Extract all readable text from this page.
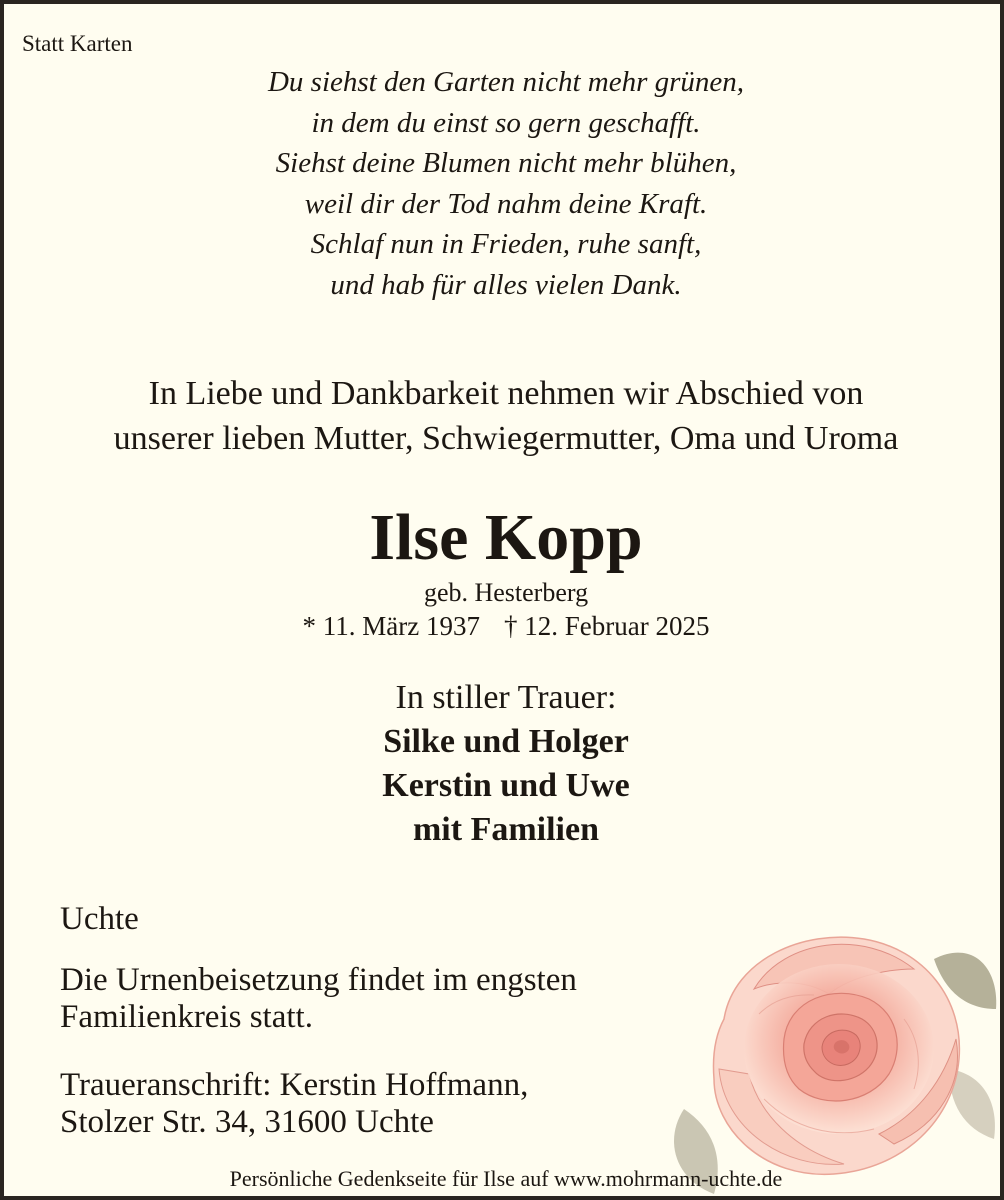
Statt Karten
Du siehst den Garten nicht mehr grünen,
in dem du einst so gern geschafft.
Siehst deine Blumen nicht mehr blühen,
weil dir der Tod nahm deine Kraft.
Schlaf nun in Frieden, ruhe sanft,
und hab für alles vielen Dank.
In Liebe und Dankbarkeit nehmen wir Abschied von
unserer lieben Mutter, Schwiegermutter, Oma und Uroma
Ilse Kopp
geb. Hesterberg
* 11. März 1937 † 12. Februar 2025
In stiller Trauer:
Silke und Holger
Kerstin und Uwe
mit Familien
Uchte
Die Urnenbeisetzung findet im engsten
Familienkreis statt.
Traueranschrift: Kerstin Hoffmann,
Stolzer Str. 34, 31600 Uchte
Persönliche Gedenkseite für Ilse auf www.mohrmann-uchte.de
